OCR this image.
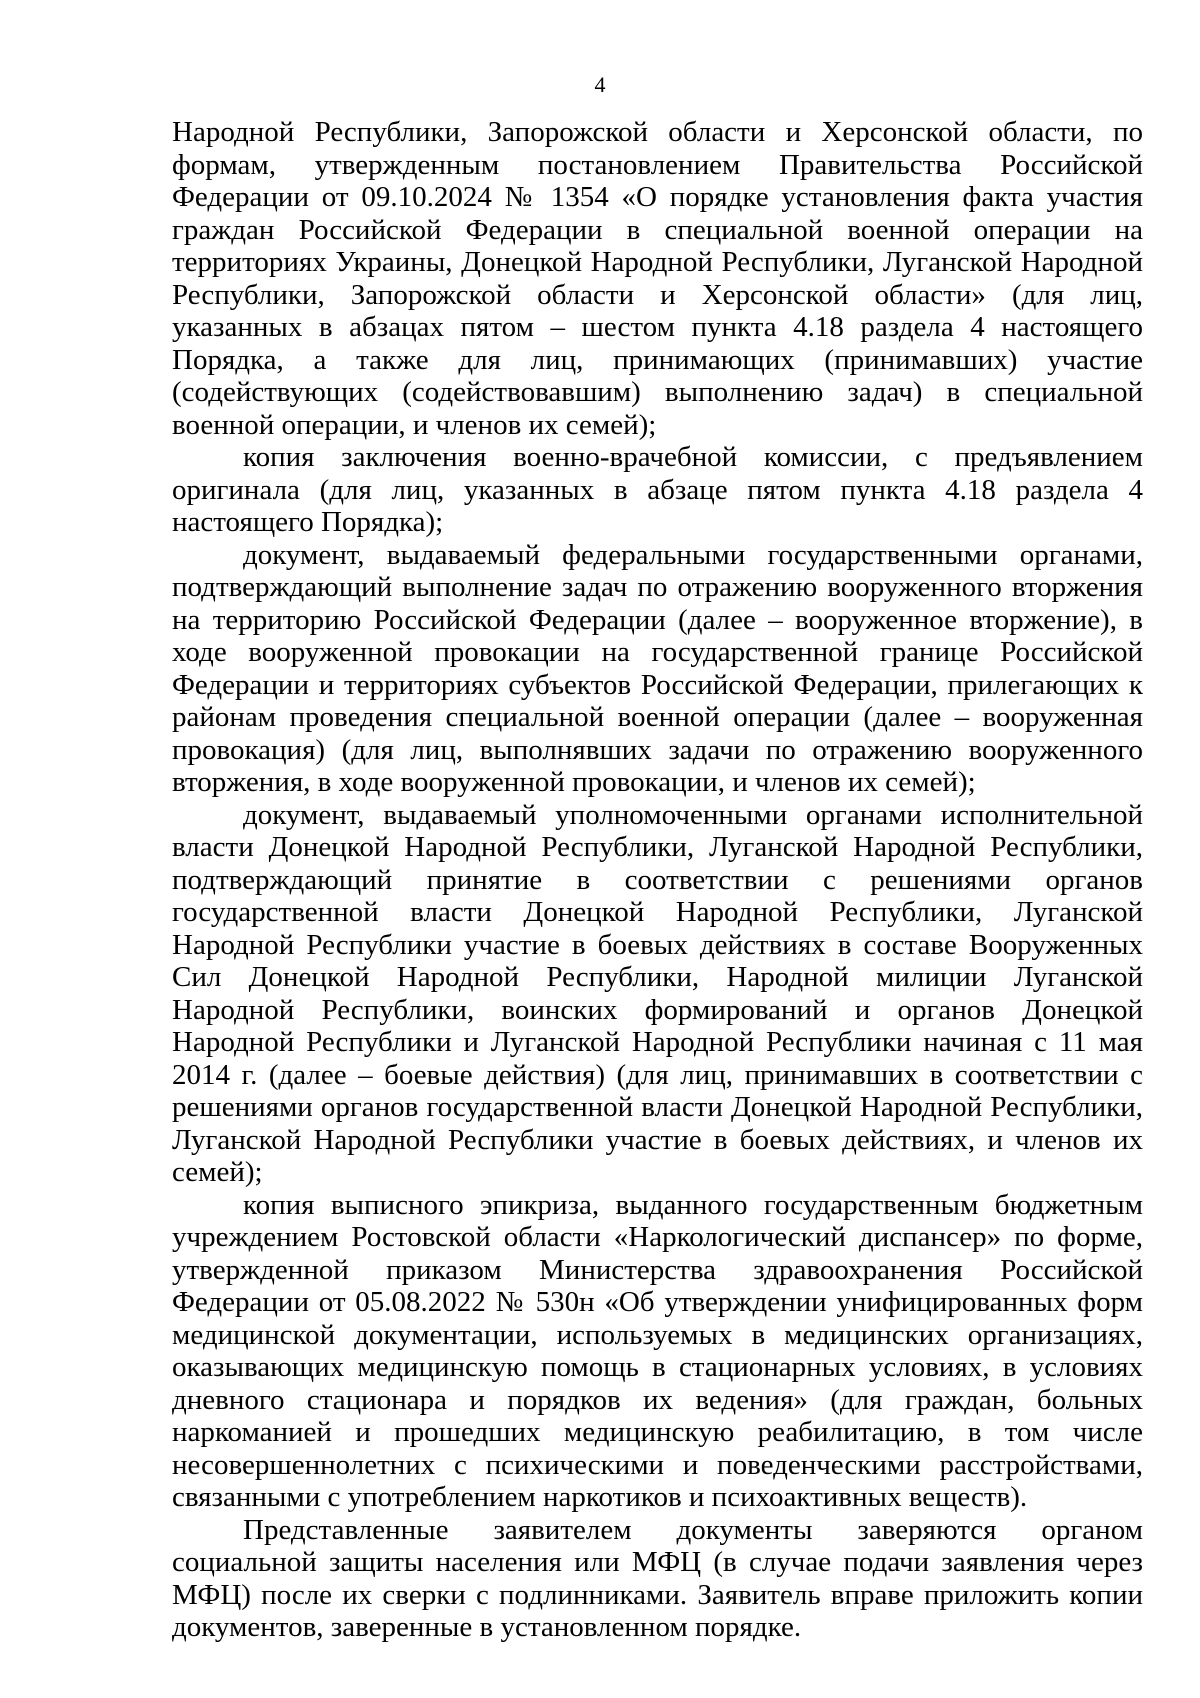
4

Народной Республики, Запорожской области и Херсонской области, по формам, утвержденным постановлением Правительства Российской Федерации от 09.10.2024 № 1354 «О порядке установления факта участия граждан Российской Федерации в специальной военной операции на территориях Украины, Донецкой Народной Республики, Луганской Народной Республики, Запорожской области и Херсонской области» (для лиц, указанных в абзацах пятом – шестом пункта 4.18 раздела 4 настоящего Порядка, а также для лиц, принимающих (принимавших) участие (содействующих (содействовавшим) выполнению задач) в специальной военной операции, и членов их семей);

копия заключения военно-врачебной комиссии, с предъявлением оригинала (для лиц, указанных в абзаце пятом пункта 4.18 раздела 4 настоящего Порядка);

документ, выдаваемый федеральными государственными органами, подтверждающий выполнение задач по отражению вооруженного вторжения на территорию Российской Федерации (далее – вооруженное вторжение), в ходе вооруженной провокации на государственной границе Российской Федерации и территориях субъектов Российской Федерации, прилегающих к районам проведения специальной военной операции (далее – вооруженная провокация) (для лиц, выполнявших задачи по отражению вооруженного вторжения, в ходе вооруженной провокации, и членов их семей);

документ, выдаваемый уполномоченными органами исполнительной власти Донецкой Народной Республики, Луганской Народной Республики, подтверждающий принятие в соответствии с решениями органов государственной власти Донецкой Народной Республики, Луганской Народной Республики участие в боевых действиях в составе Вооруженных Сил Донецкой Народной Республики, Народной милиции Луганской Народной Республики, воинских формирований и органов Донецкой Народной Республики и Луганской Народной Республики начиная с 11 мая 2014 г. (далее – боевые действия) (для лиц, принимавших в соответствии с решениями органов государственной власти Донецкой Народной Республики, Луганской Народной Республики участие в боевых действиях, и членов их семей);

копия выписного эпикриза, выданного государственным бюджетным учреждением Ростовской области «Наркологический диспансер» по форме, утвержденной приказом Министерства здравоохранения Российской Федерации от 05.08.2022 № 530н «Об утверждении унифицированных форм медицинской документации, используемых в медицинских организациях, оказывающих медицинскую помощь в стационарных условиях, в условиях дневного стационара и порядков их ведения» (для граждан, больных наркоманией и прошедших медицинскую реабилитацию, в том числе несовершеннолетних с психическими и поведенческими расстройствами, связанными с употреблением наркотиков и психоактивных веществ).

Представленные заявителем документы заверяются органом социальной защиты населения или МФЦ (в случае подачи заявления через МФЦ) после их сверки с подлинниками. Заявитель вправе приложить копии документов, заверенные в установленном порядке.
